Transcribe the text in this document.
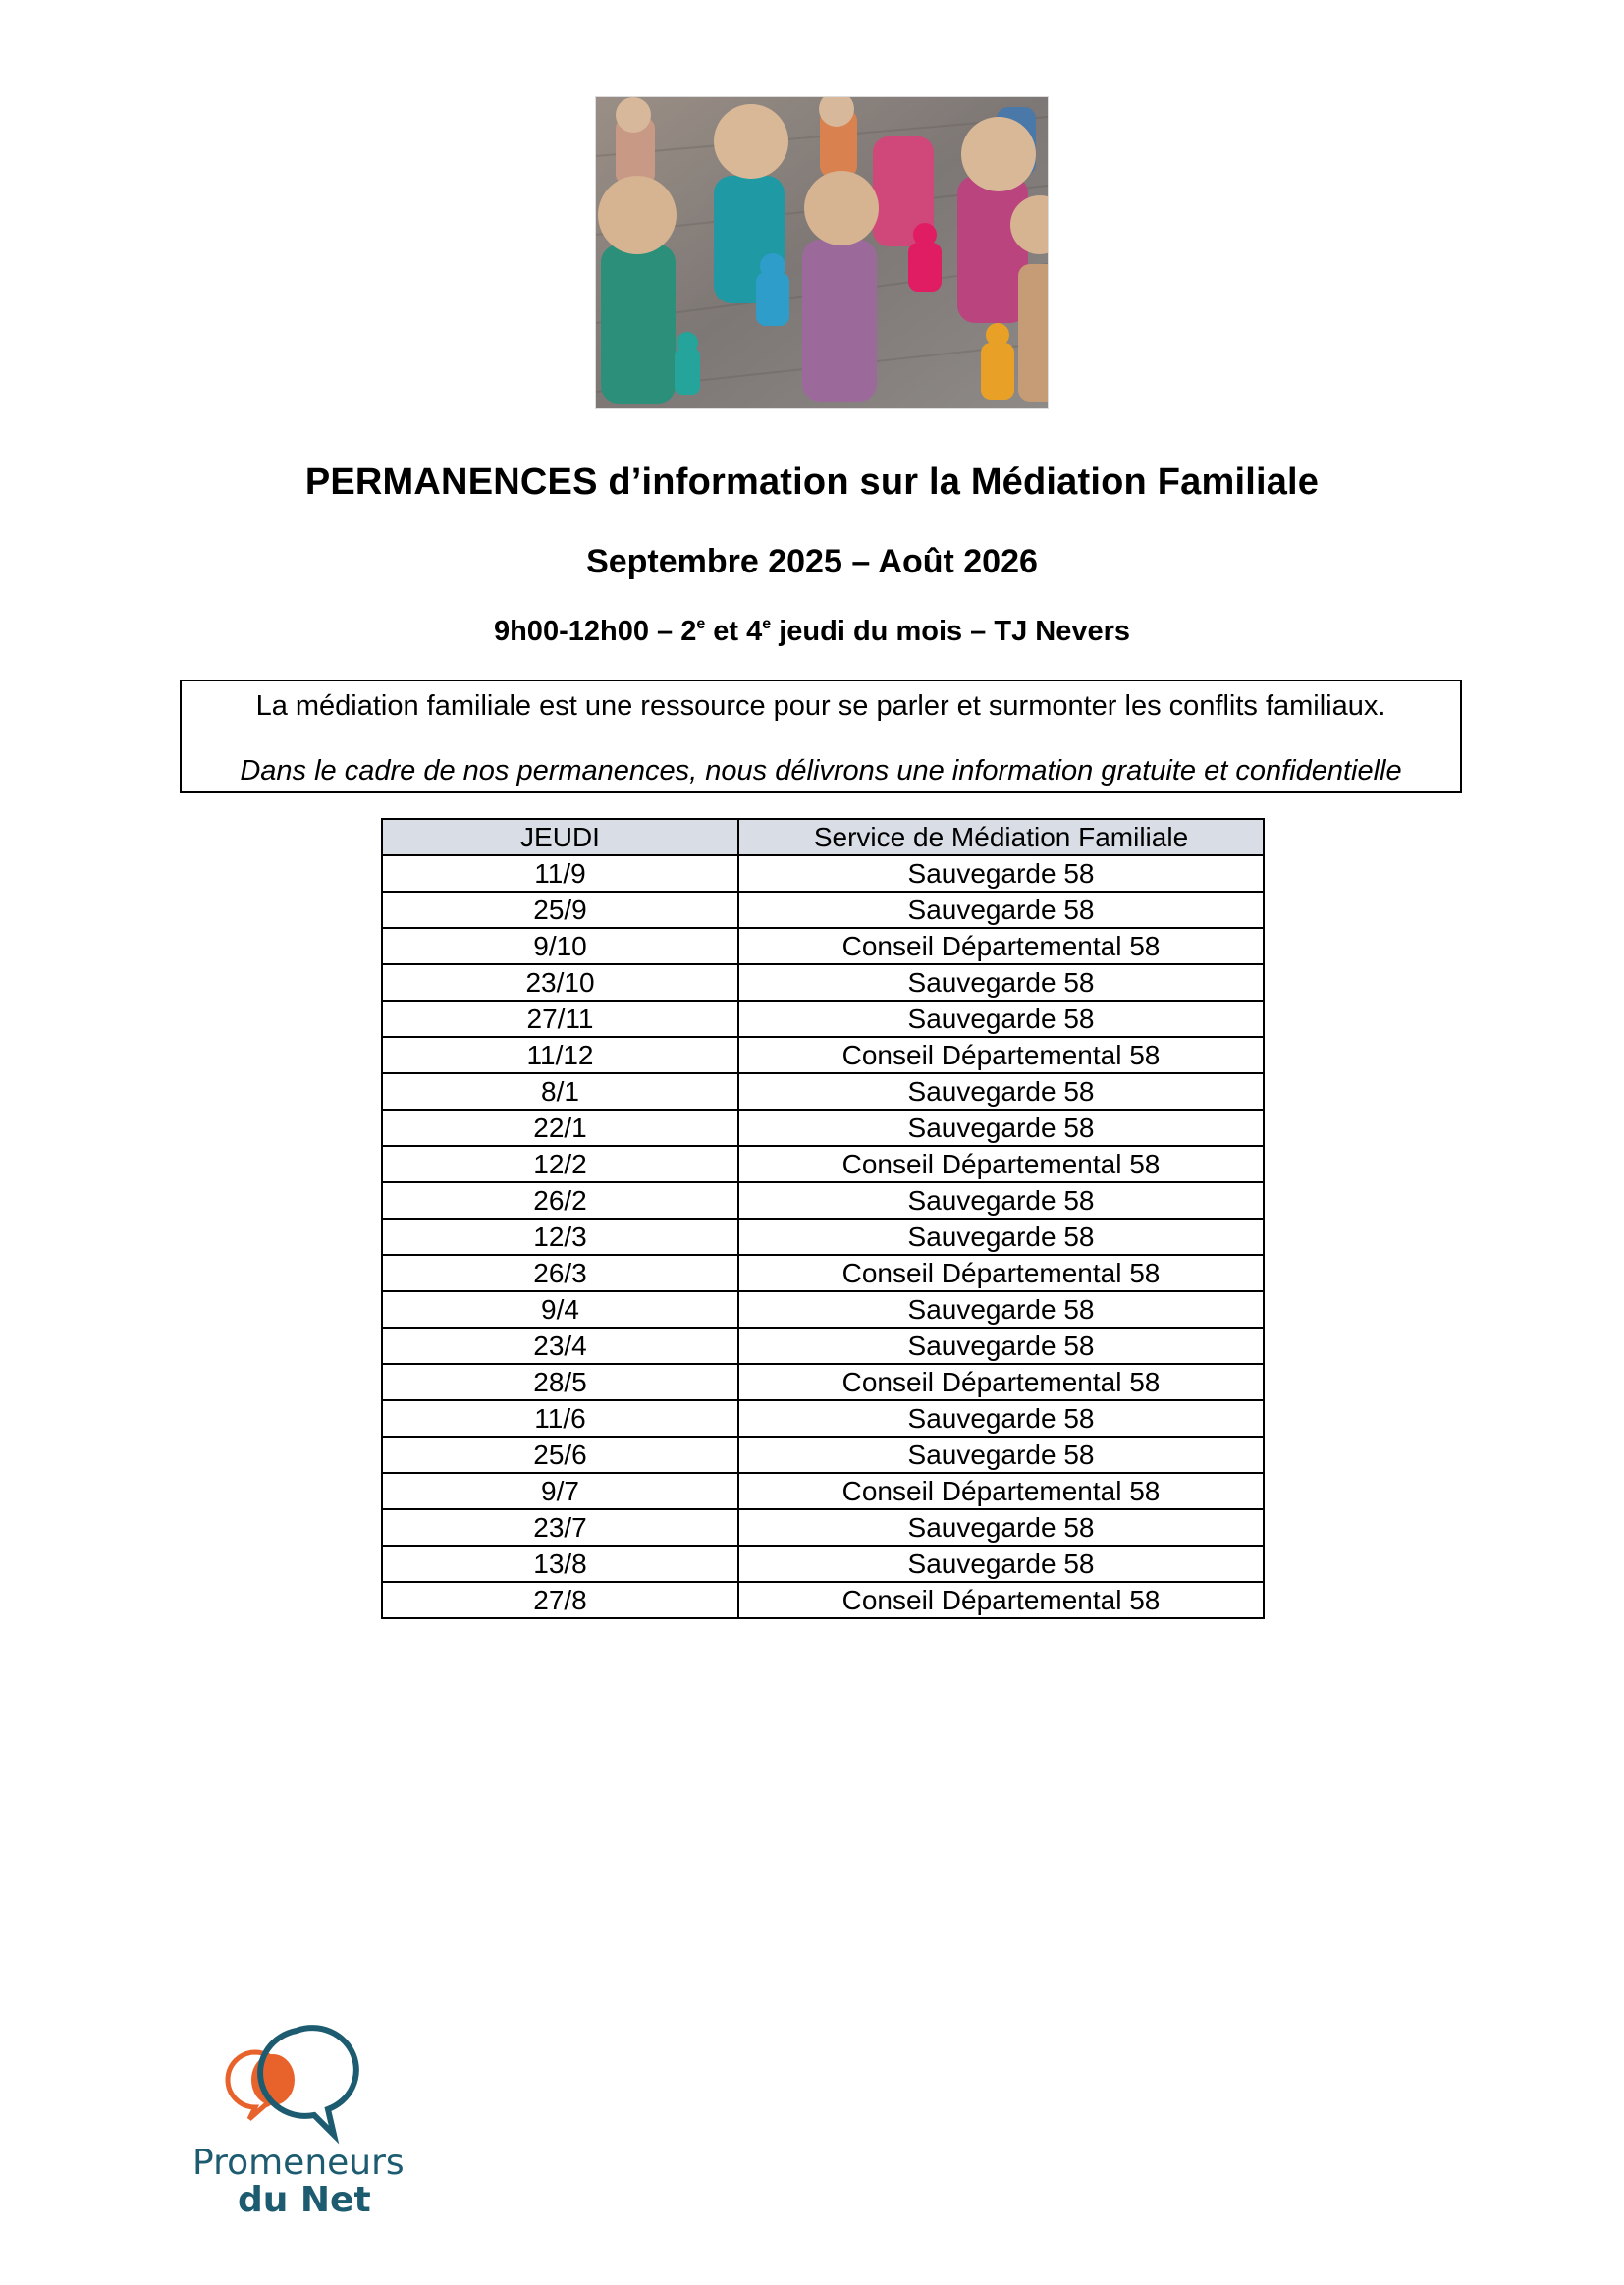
PERMANENCES d’information sur la Médiation Familiale
Septembre 2025 – Août 2026
9h00-12h00 – 2e et 4e jeudi du mois – TJ Nevers
La médiation familiale est une ressource pour se parler et surmonter les conflits familiaux.
Dans le cadre de nos permanences, nous délivrons une information gratuite et confidentielle
JEUDI	Service de Médiation Familiale
11/9	Sauvegarde 58
25/9	Sauvegarde 58
9/10	Conseil Départemental 58
23/10	Sauvegarde 58
27/11	Sauvegarde 58
11/12	Conseil Départemental 58
8/1	Sauvegarde 58
22/1	Sauvegarde 58
12/2	Conseil Départemental 58
26/2	Sauvegarde 58
12/3	Sauvegarde 58
26/3	Conseil Départemental 58
9/4	Sauvegarde 58
23/4	Sauvegarde 58
28/5	Conseil Départemental 58
11/6	Sauvegarde 58
25/6	Sauvegarde 58
9/7	Conseil Départemental 58
23/7	Sauvegarde 58
13/8	Sauvegarde 58
27/8	Conseil Départemental 58
Promeneurs
du Net
